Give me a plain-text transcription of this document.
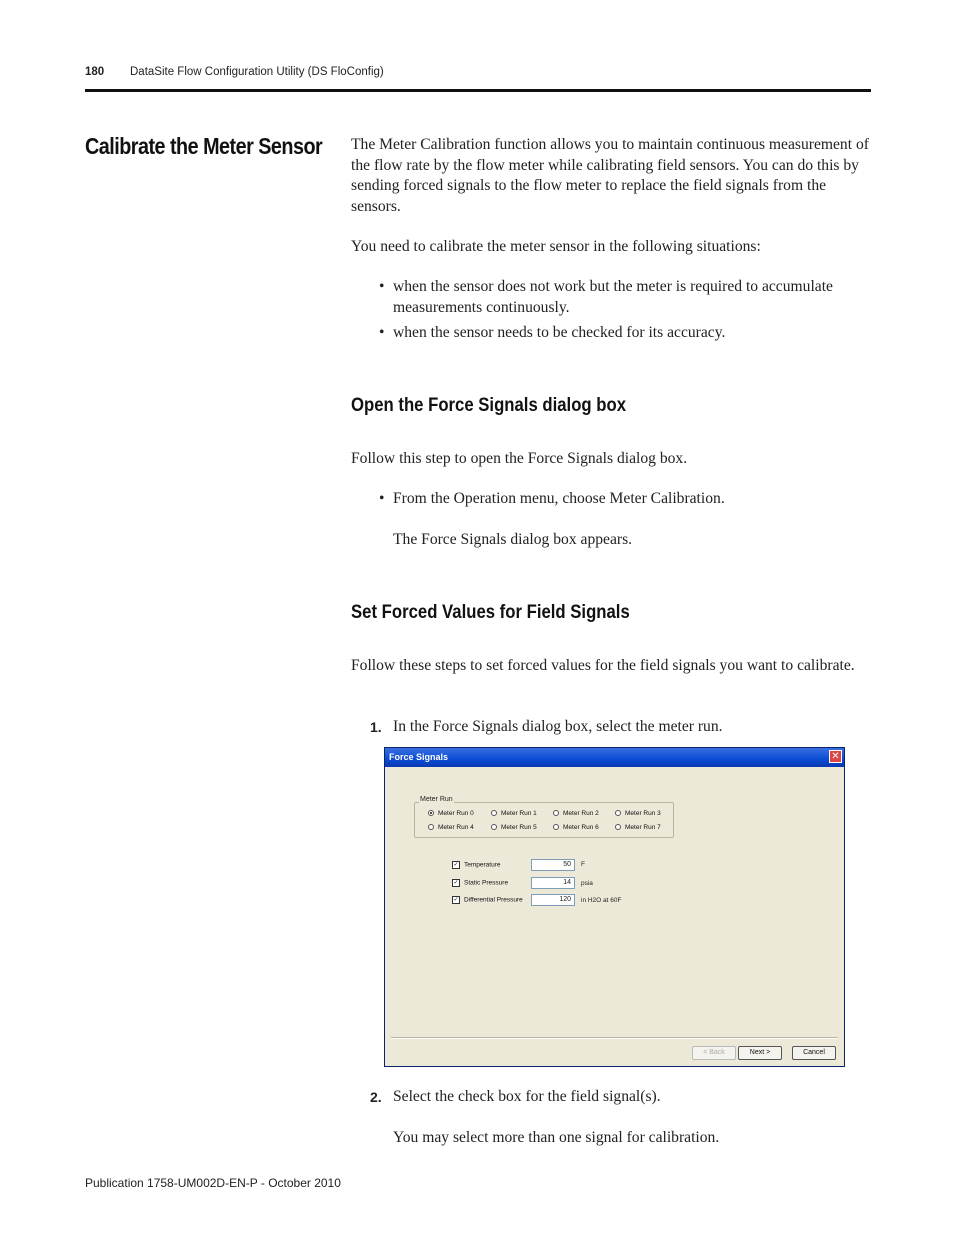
180 DataSite Flow Configuration Utility (DS FloConfig)
Calibrate the Meter Sensor The Meter Calibration function allows you to maintain continuous measurement of the flow rate by the flow meter while calibrating field sensors. You can do this by sending forced signals to the flow meter to replace the field signals from the sensors.
You need to calibrate the meter sensor in the following situations:
• when the sensor does not work but the meter is required to accumulate measurements continuously.
• when the sensor needs to be checked for its accuracy.
Open the Force Signals dialog box
Follow this step to open the Force Signals dialog box.
• From the Operation menu, choose Meter Calibration.
The Force Signals dialog box appears.
Set Forced Values for Field Signals
Follow these steps to set forced values for the field signals you want to calibrate.
1. In the Force Signals dialog box, select the meter run.
Force Signals	✕
Meter Run
Meter Run 0	Meter Run 1	Meter Run 2	Meter Run 3
Meter Run 4	Meter Run 5	Meter Run 6	Meter Run 7
✓ Temperature	50	F
✓ Static Pressure	14	psia
✓ Differential Pressure	120	in H2O at 60F
< Back	Next >	Cancel
2. Select the check box for the field signal(s).
You may select more than one signal for calibration.
Publication 1758-UM002D-EN-P - October 2010
